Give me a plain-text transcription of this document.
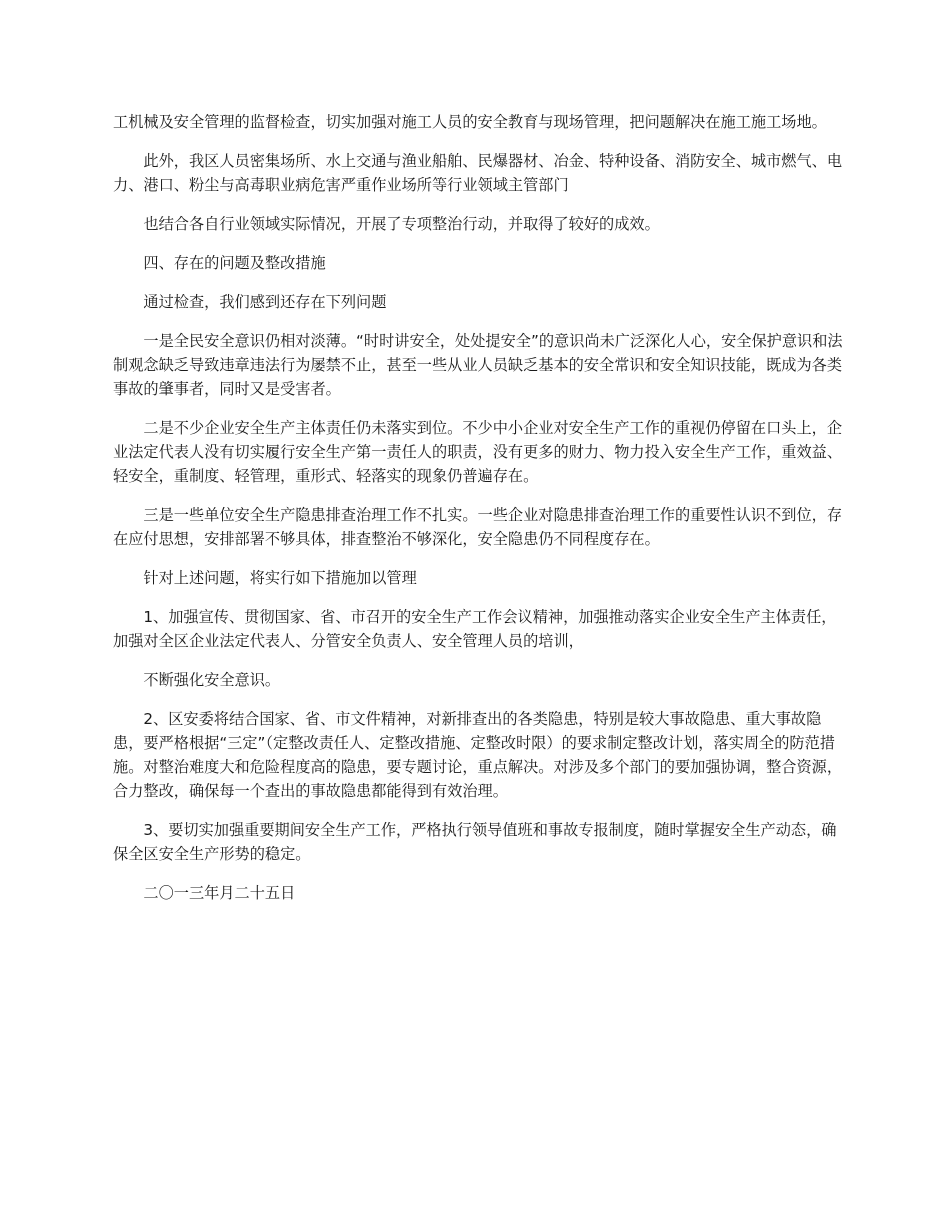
工机械及安全管理的监督检查，切实加强对施工人员的安全教育与现场管理，把问题解决在施工施工场地。

此外，我区人员密集场所、水上交通与渔业船舶、民爆器材、冶金、特种设备、消防安全、城市燃气、电力、港口、粉尘与高毒职业病危害严重作业场所等行业领域主管部门

也结合各自行业领域实际情况，开展了专项整治行动，并取得了较好的成效。

四、存在的问题及整改措施

通过检查，我们感到还存在下列问题

一是全民安全意识仍相对淡薄。“时时讲安全，处处提安全”的意识尚未广泛深化人心，安全保护意识和法制观念缺乏导致违章违法行为屡禁不止，甚至一些从业人员缺乏基本的安全常识和安全知识技能，既成为各类事故的肇事者，同时又是受害者。

二是不少企业安全生产主体责任仍未落实到位。不少中小企业对安全生产工作的重视仍停留在口头上，企业法定代表人没有切实履行安全生产第一责任人的职责，没有更多的财力、物力投入安全生产工作，重效益、轻安全，重制度、轻管理，重形式、轻落实的现象仍普遍存在。

三是一些单位安全生产隐患排查治理工作不扎实。一些企业对隐患排查治理工作的重要性认识不到位，存在应付思想，安排部署不够具体，排查整治不够深化，安全隐患仍不同程度存在。

针对上述问题，将实行如下措施加以管理

1、加强宣传、贯彻国家、省、市召开的安全生产工作会议精神，加强推动落实企业安全生产主体责任，加强对全区企业法定代表人、分管安全负责人、安全管理人员的培训，

不断强化安全意识。

2、区安委将结合国家、省、市文件精神，对新排查出的各类隐患，特别是较大事故隐患、重大事故隐患，要严格根据“三定”（定整改责任人、定整改措施、定整改时限）的要求制定整改计划，落实周全的防范措施。对整治难度大和危险程度高的隐患，要专题讨论，重点解决。对涉及多个部门的要加强协调，整合资源，合力整改，确保每一个查出的事故隐患都能得到有效治理。

3、要切实加强重要期间安全生产工作，严格执行领导值班和事故专报制度，随时掌握安全生产动态，确保全区安全生产形势的稳定。

二〇一三年月二十五日
